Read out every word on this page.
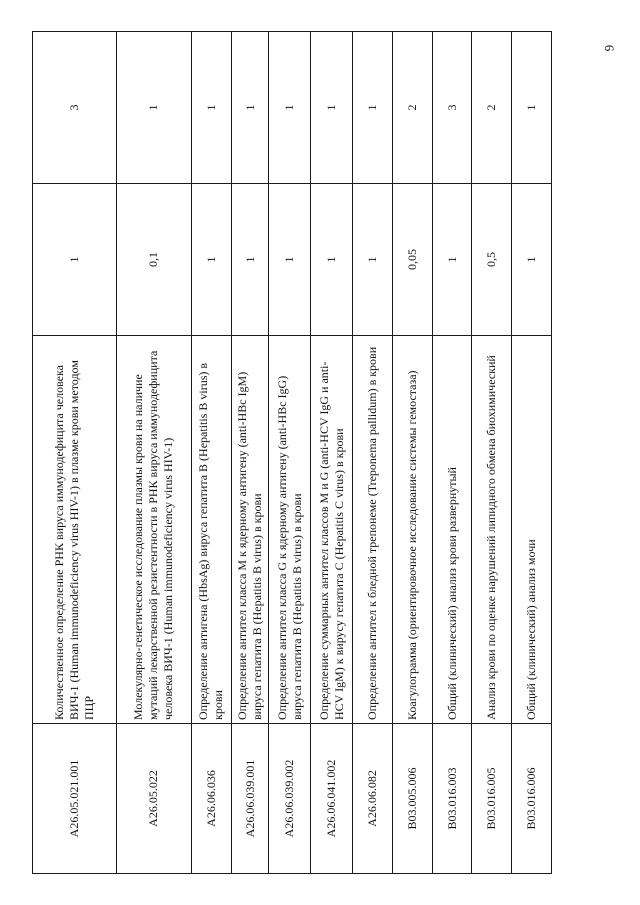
6
A26.05.021.001	Количественное определение РНК вируса иммунодефицита человека ВИЧ-1 (Human immunodeficiency virus HIV-1) в плазме крови методом ПЦР	1	3
A26.05.022	Молекулярно-генетическое исследование плазмы крови на наличие мутаций лекарственной резистентности в РНК вируса иммунодефицита человека ВИЧ-1 (Human immunodeficiency virus HIV-1)	0,1	1
A26.06.036	Определение антигена (HbsAg) вируса гепатита B (Hepatitis B virus) в крови	1	1
A26.06.039.001	Определение антител класса M к ядерному антигену (anti-HBc IgM) вируса гепатита B (Hepatitis B virus) в крови	1	1
A26.06.039.002	Определение антител класса G к ядерному антигену (anti-HBc IgG) вируса гепатита B (Hepatitis B virus) в крови	1	1
A26.06.041.002	Определение суммарных антител классов M и G (anti-HCV IgG и anti-HCV IgM) к вирусу гепатита C (Hepatitis C virus) в крови	1	1
A26.06.082	Определение антител к бледной трепонеме (Treponema pallidum) в крови	1	1
B03.005.006	Коагулограмма (ориентировочное исследование системы гемостаза)	0,05	2
B03.016.003	Общий (клинический) анализ крови развернутый	1	3
B03.016.005	Анализ крови по оценке нарушений липидного обмена биохимический	0,5	2
B03.016.006	Общий (клинический) анализ мочи	1	1
